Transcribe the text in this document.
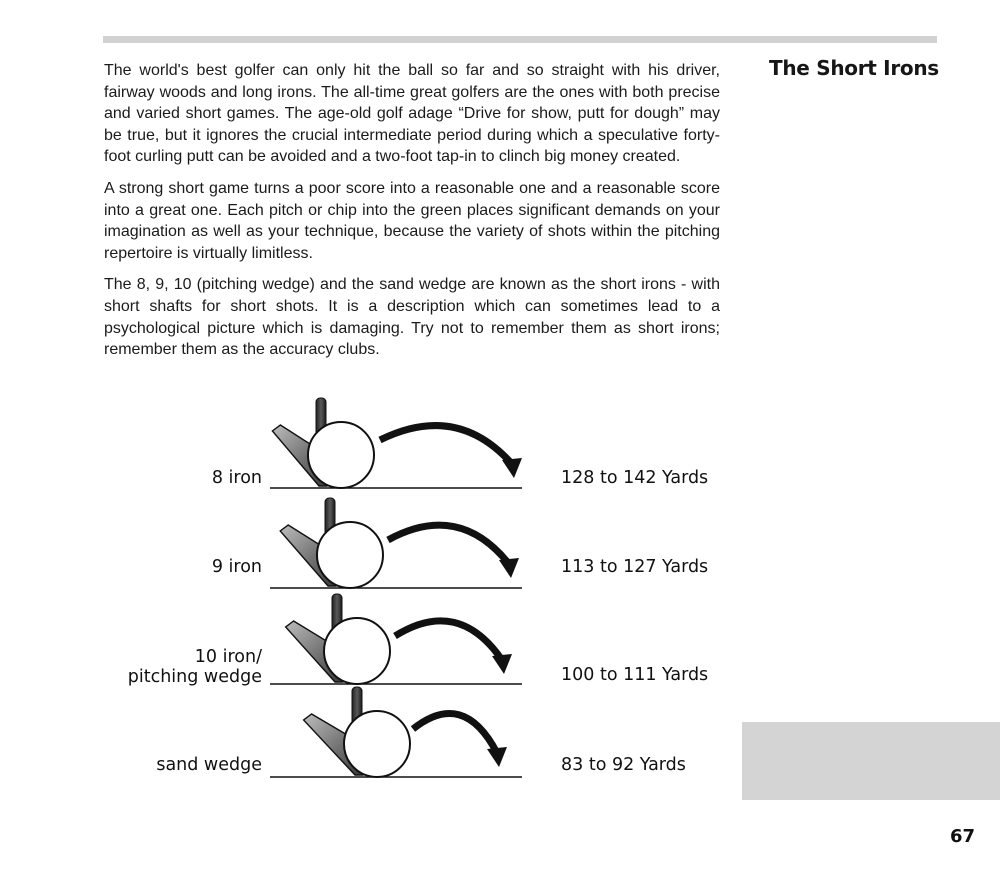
The Short Irons

The world's best golfer can only hit the ball so far and so straight with his driver, fairway woods and long irons. The all-time great golfers are the ones with both precise and varied short games. The age-old golf adage “Drive for show, putt for dough” may be true, but it ignores the crucial intermediate period during which a speculative forty-foot curling putt can be avoided and a two-foot tap-in to clinch big money created.

A strong short game turns a poor score into a reasonable one and a reasonable score into a great one. Each pitch or chip into the green places significant demands on your imagination as well as your technique, because the variety of shots within the pitching repertoire is virtually limitless.

The 8, 9, 10 (pitching wedge) and the sand wedge are known as the short irons - with short shafts for short shots. It is a description which can sometimes lead to a psychological picture which is damaging. Try not to remember them as short irons; remember them as the accuracy clubs.

8 iron	128 to 142 Yards
9 iron	113 to 127 Yards
10 iron/
pitching wedge	100 to 111 Yards
sand wedge	83 to 92 Yards
67
